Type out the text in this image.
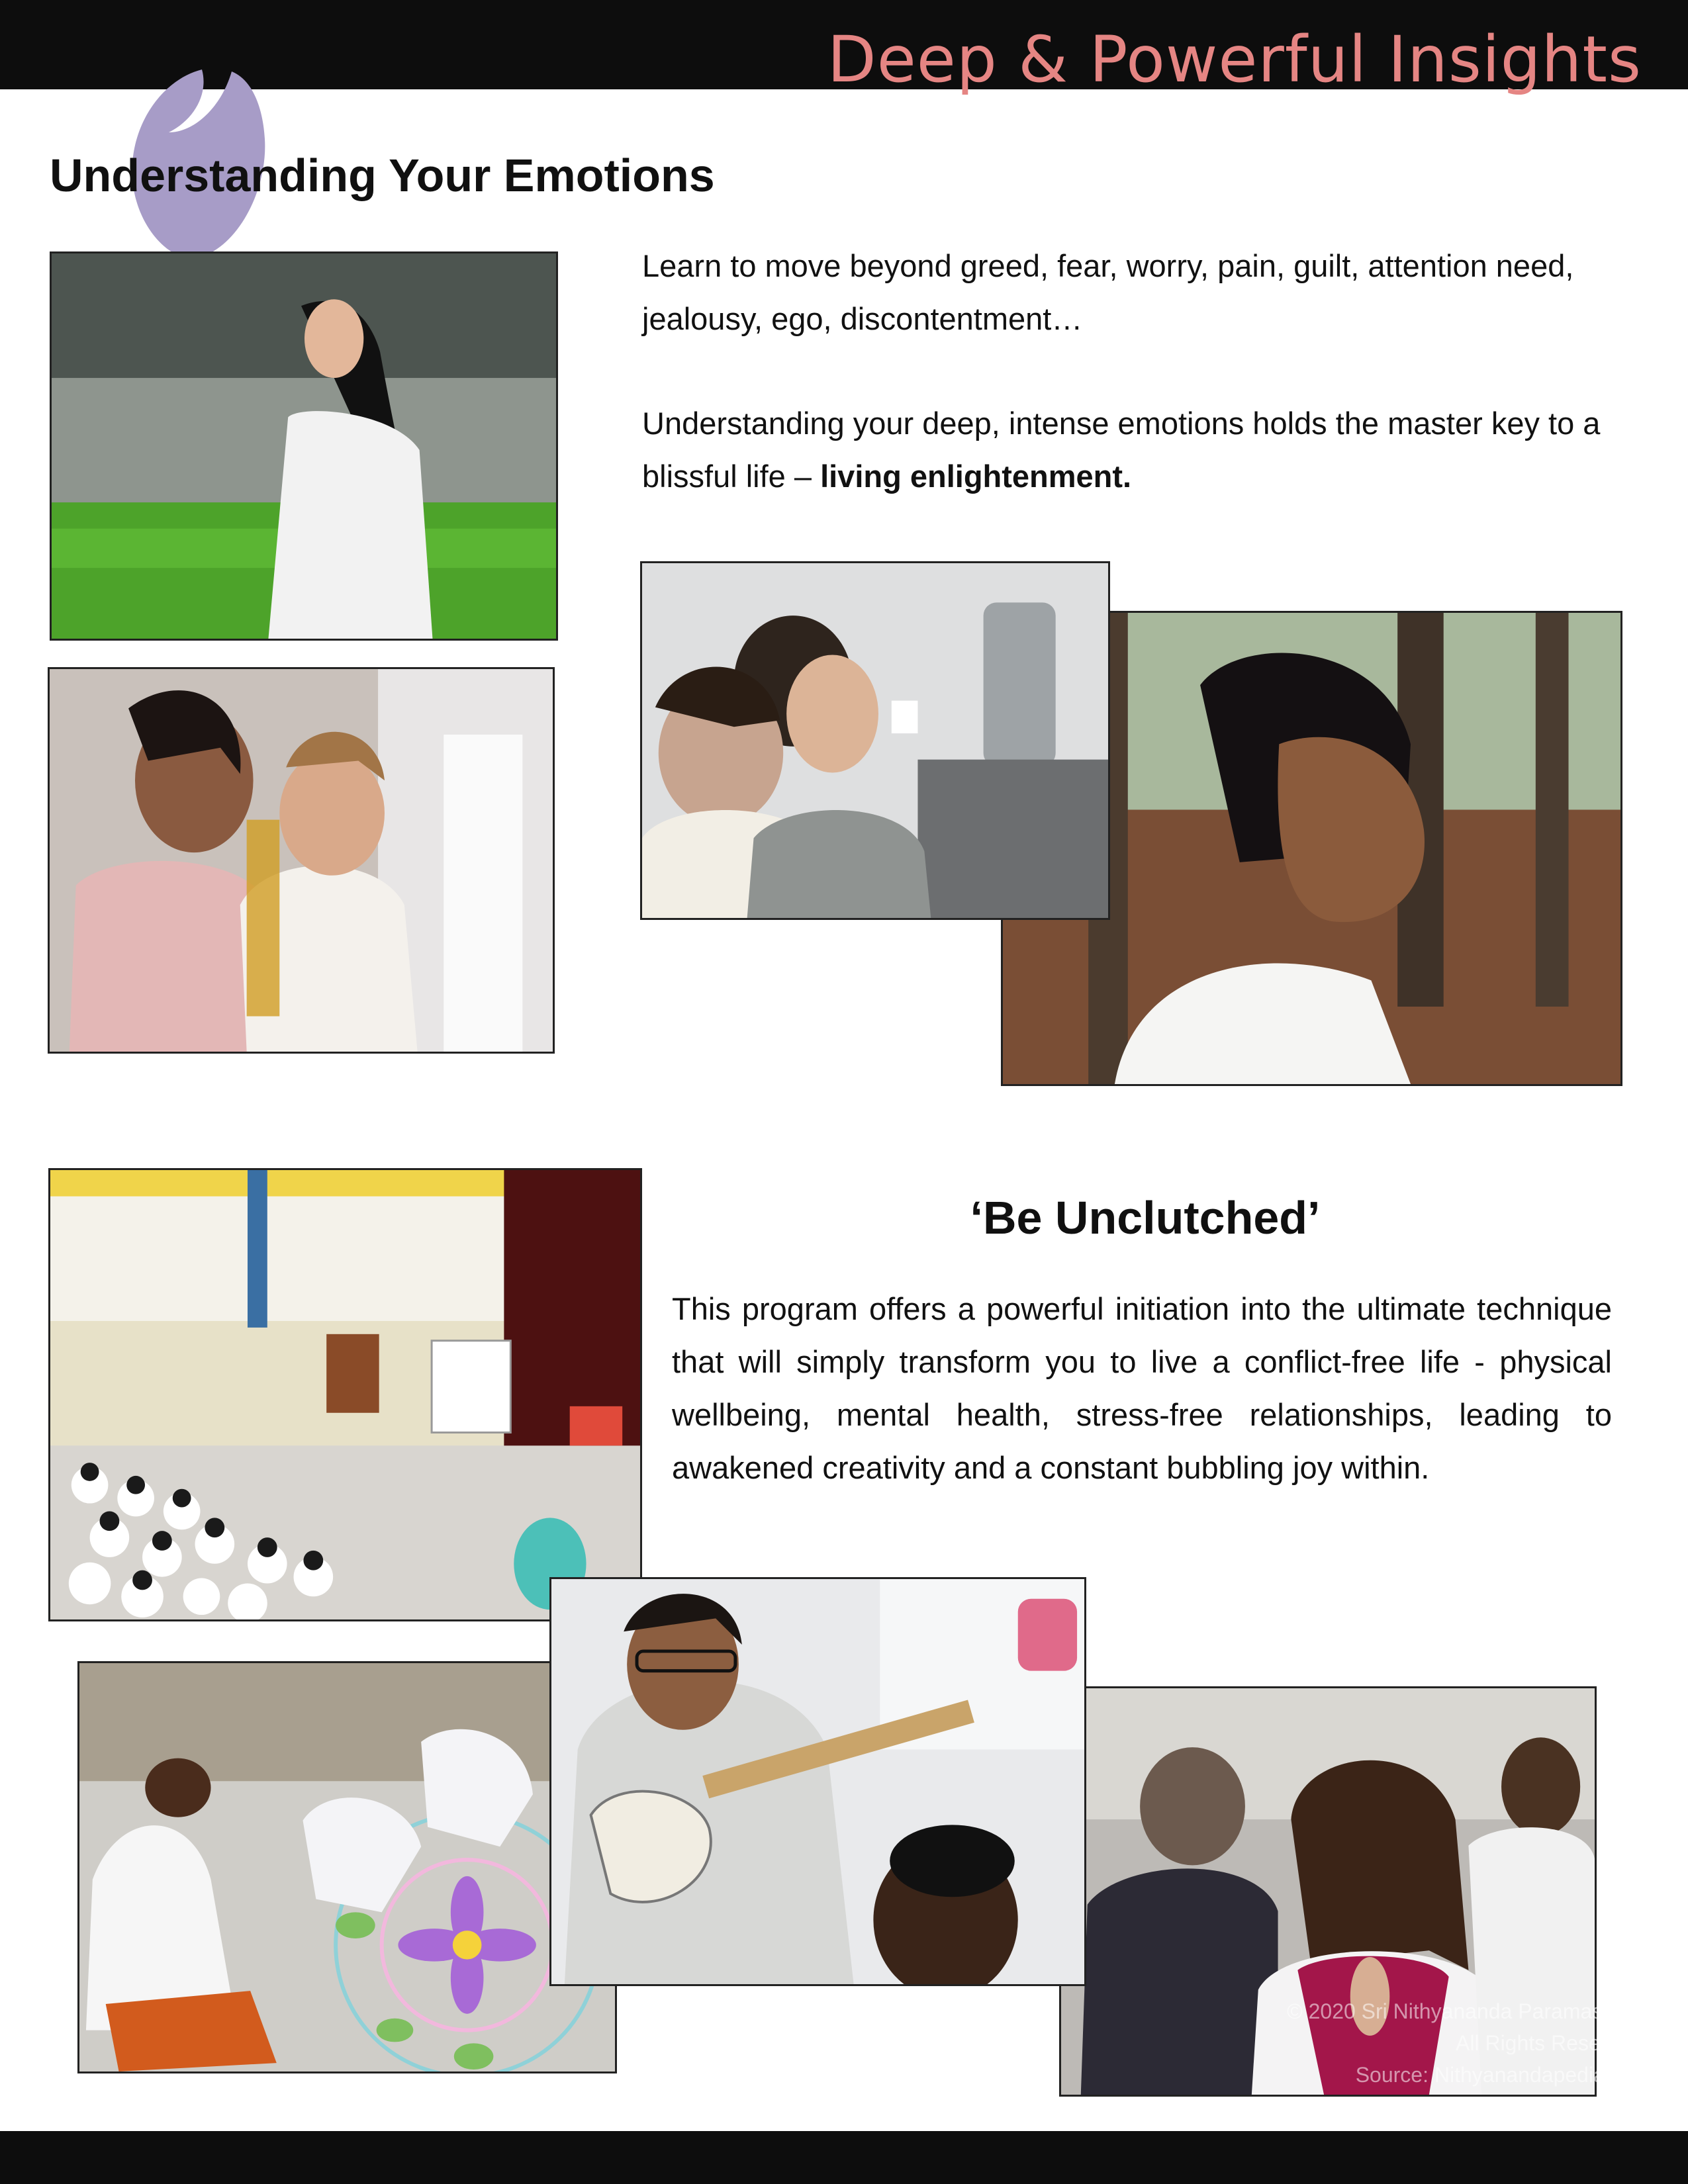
Deep & Powerful Insights
Understanding Your Emotions
Learn to move beyond greed, fear, worry, pain, guilt, attention need, jealousy, ego, discontentment…
Understanding your deep, intense emotions holds the master key to a blissful life – living enlightenment.
‘Be Unclutched’
This program offers a powerful initiation into the ultimate technique that will simply transform you to live a conflict-free life - physical wellbeing, mental health, stress-free relationships, leading to awakened creativity and a constant bubbling joy within.
© 2020 Sri Nithyananda Paramashiva
All Rights Reserved
Source: Nithyanandapedia.org
